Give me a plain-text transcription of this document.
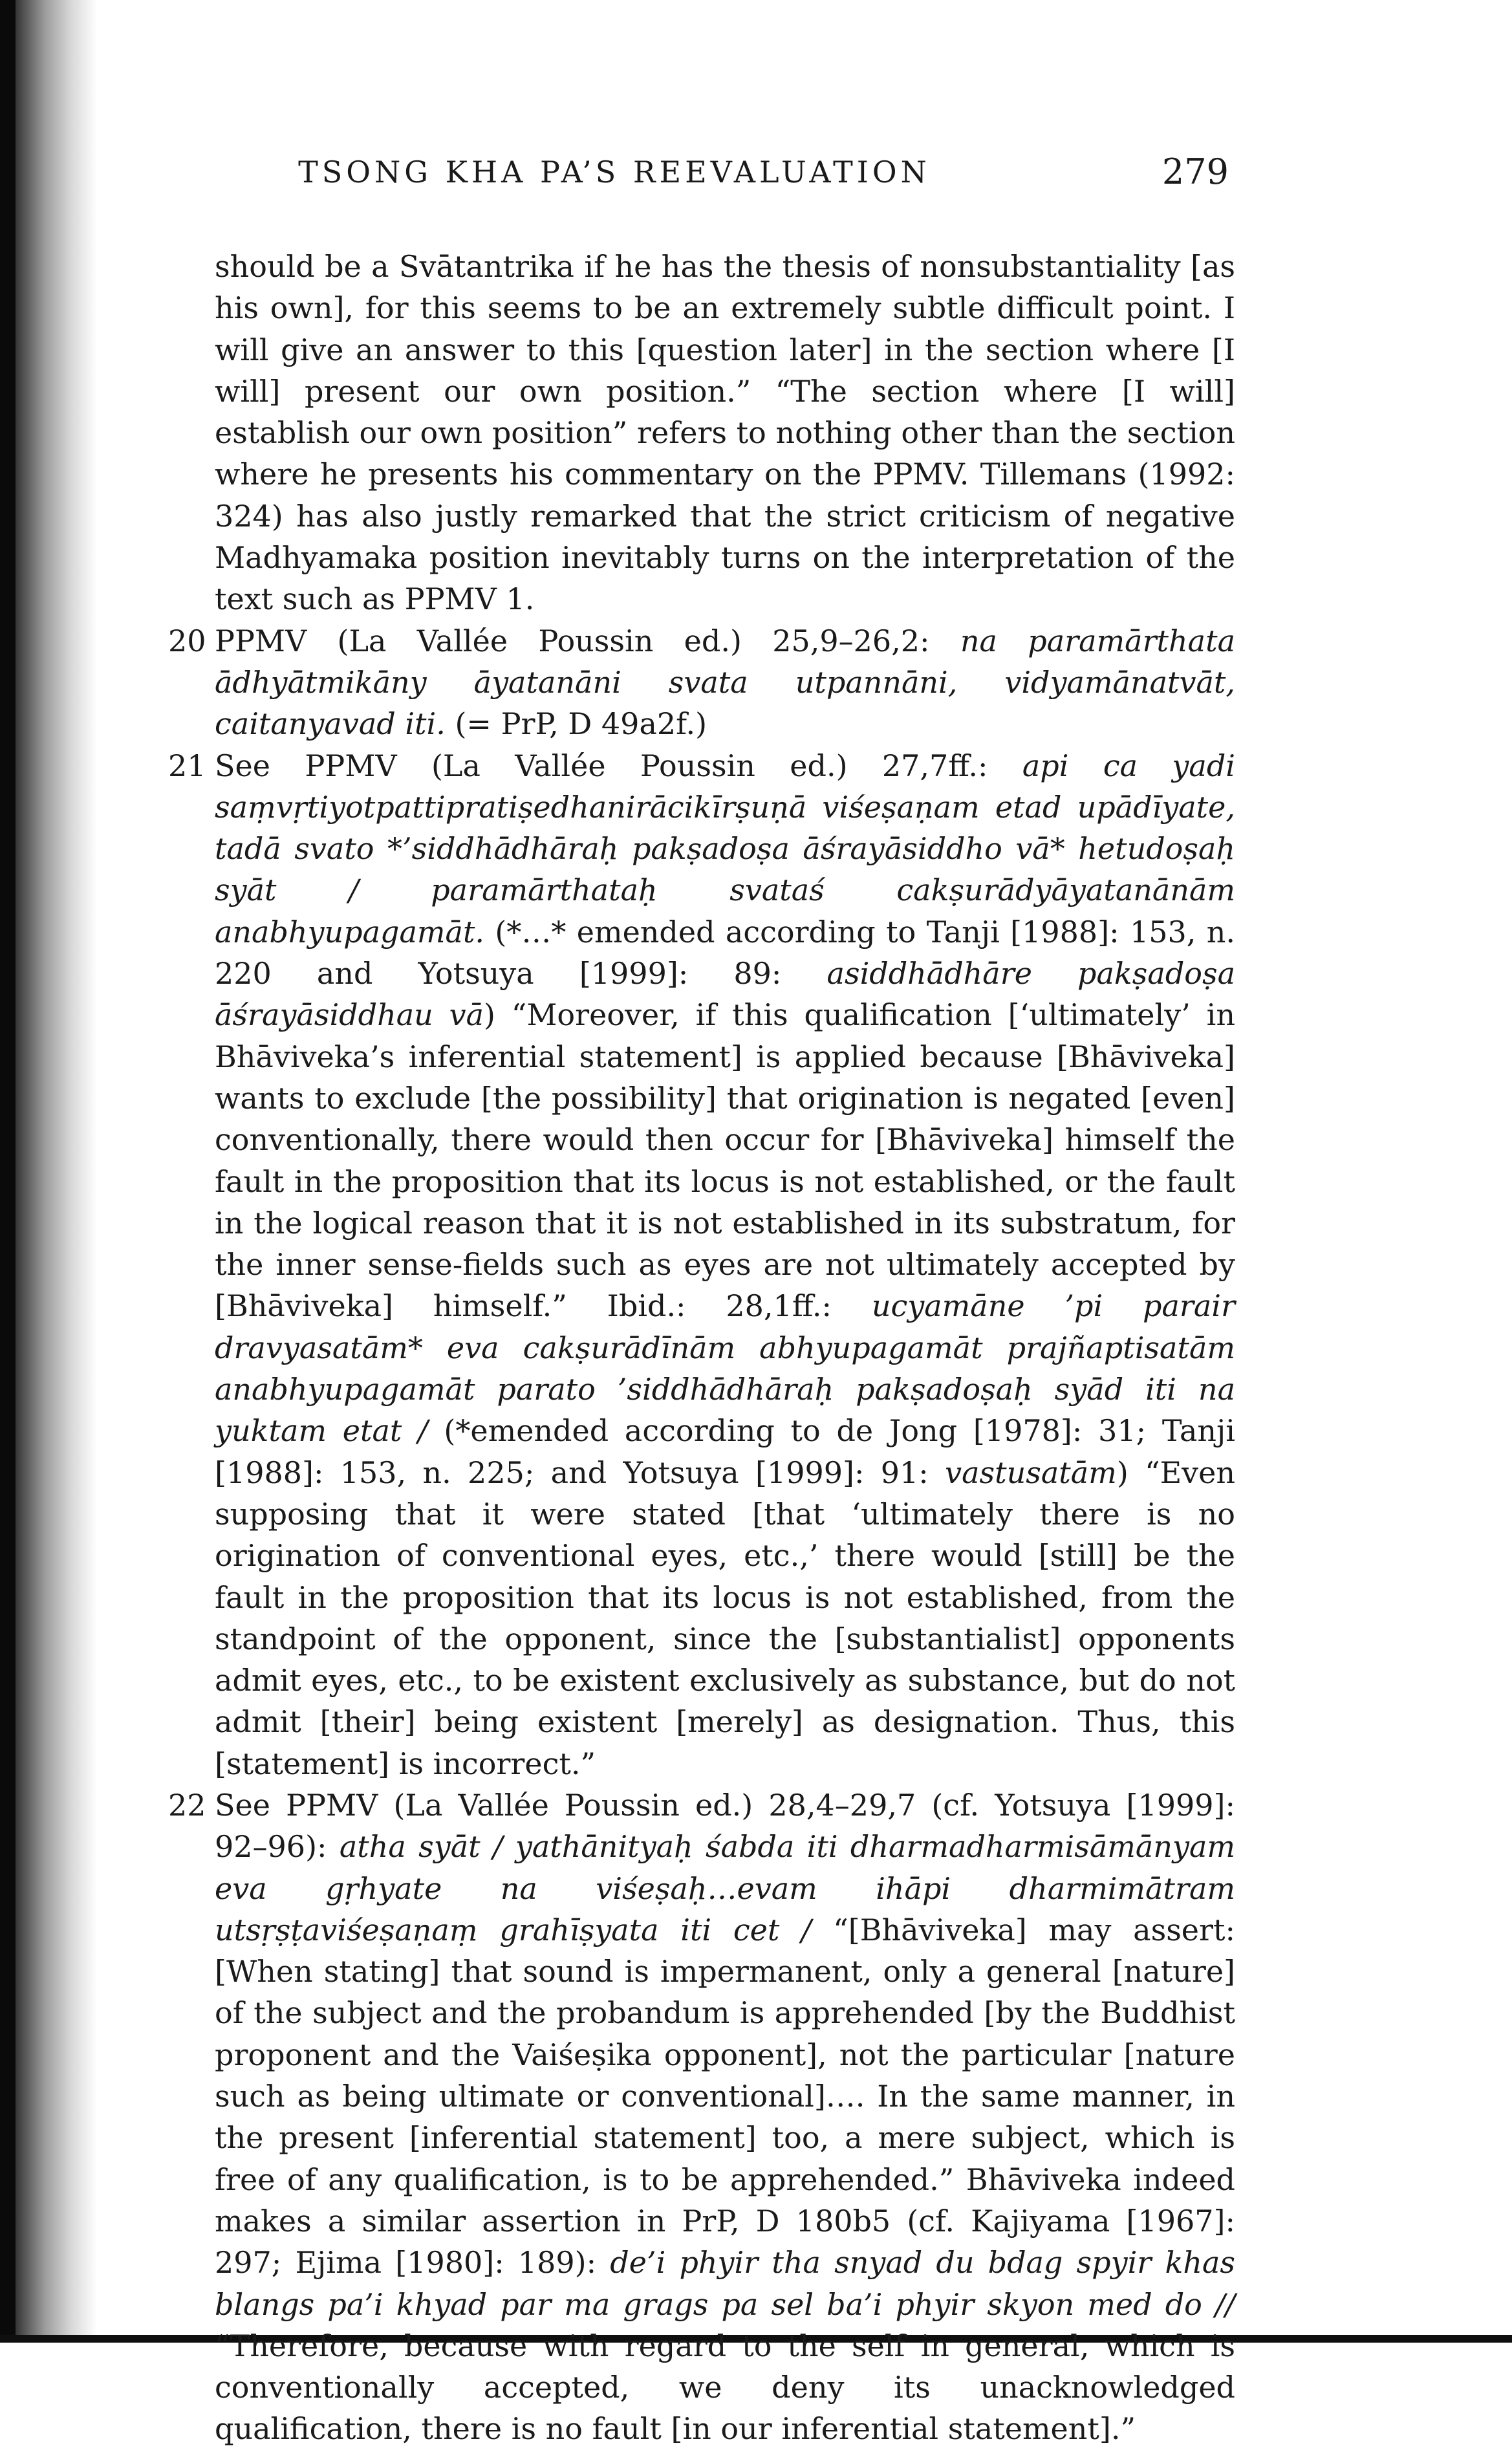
TSONG KHA PA’S REEVALUATION	279

should be a Svātantrika if he has the thesis of nonsubstantiality [as his own], for this seems to be an extremely subtle difficult point. I will give an answer to this [question later] in the section where [I will] present our own position.” “The section where [I will] establish our own position” refers to nothing other than the section where he presents his commentary on the PPMV. Tillemans (1992: 324) has also justly remarked that the strict criticism of negative Madhyamaka position inevitably turns on the interpretation of the text such as PPMV 1.

20 PPMV (La Vallée Poussin ed.) 25,9–26,2: na paramārthata ādhyātmikāny āyatanāni svata utpannāni, vidyamānatvāt, caitanyavad iti. (= PrP, D 49a2f.)

21 See PPMV (La Vallée Poussin ed.) 27,7ff.: api ca yadi saṃvṛtiyotpattipratiṣedhanirācikīrṣuṇā viśeṣaṇam etad upādīyate, tadā svato *’siddhādhāraḥ pakṣadoṣa āśrayāsiddho vā* hetudoṣaḥ syāt / paramārthataḥ svataś cakṣurādyāyatanānām anabhyupagamāt. (*…* emended according to Tanji [1988]: 153, n. 220 and Yotsuya [1999]: 89: asiddhādhāre pakṣadoṣa āśrayāsiddhau vā) “Moreover, if this qualification [‘ultimately’ in Bhāviveka’s inferential statement] is applied because [Bhāviveka] wants to exclude [the possibility] that origination is negated [even] conventionally, there would then occur for [Bhāviveka] himself the fault in the proposition that its locus is not established, or the fault in the logical reason that it is not established in its substratum, for the inner sense-fields such as eyes are not ultimately accepted by [Bhāviveka] himself.” Ibid.: 28,1ff.: ucyamāne ’pi parair dravyasatām* eva cakṣurādīnām abhyupagamāt prajñaptisatām anabhyupagamāt parato ’siddhādhāraḥ pakṣadoṣaḥ syād iti na yuktam etat / (*emended according to de Jong [1978]: 31; Tanji [1988]: 153, n. 225; and Yotsuya [1999]: 91: vastusatām) “Even supposing that it were stated [that ‘ultimately there is no origination of conventional eyes, etc.,’ there would [still] be the fault in the proposition that its locus is not established, from the standpoint of the opponent, since the [substantialist] opponents admit eyes, etc., to be existent exclusively as substance, but do not admit [their] being existent [merely] as designation. Thus, this [statement] is incorrect.”

22 See PPMV (La Vallée Poussin ed.) 28,4–29,7 (cf. Yotsuya [1999]: 92–96): atha syāt / yathānityaḥ śabda iti dharmadharmisāmānyam eva gṛhyate na viśeṣaḥ…evam ihāpi dharmimātram utsṛṣṭaviśeṣaṇaṃ grahīṣyata iti cet / “[Bhāviveka] may assert: [When stating] that sound is impermanent, only a general [nature] of the subject and the probandum is apprehended [by the Buddhist proponent and the Vaiśeṣika opponent], not the particular [nature such as being ultimate or conventional]…. In the same manner, in the present [inferential statement] too, a mere subject, which is free of any qualification, is to be apprehended.” Bhāviveka indeed makes a similar assertion in PrP, D 180b5 (cf. Kajiyama [1967]: 297; Ejima [1980]: 189): de’i phyir tha snyad du bdag spyir khas blangs pa’i khyad par ma grags pa sel ba’i phyir skyon med do // “Therefore, because with regard to the self in general, which is conventionally accepted, we deny its unacknowledged qualification, there is no fault [in our inferential statement].”
